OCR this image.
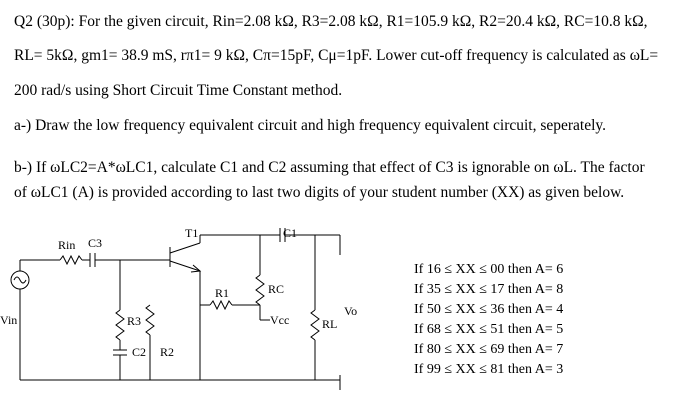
Q2 (30p): For the given circuit, Rin=2.08 kΩ, R3=2.08 kΩ, R1=105.9 kΩ, R2=20.4 kΩ, RC=10.8 kΩ,
RL= 5kΩ, gm1= 38.9 mS, rπ1= 9 kΩ, Cπ=15pF, Cμ=1pF. Lower cut-off frequency is calculated as ωL=
200 rad/s using Short Circuit Time Constant method.
a-) Draw the low frequency equivalent circuit and high frequency equivalent circuit, seperately.
b-) If ωLC2=A*ωLC1, calculate C1 and C2 assuming that effect of C3 is ignorable on ωL. The factor
of ωLC1 (A) is provided according to last two digits of your student number (XX) as given below.
Rin C3
T1	C1
RC
R3
R1
Vcc	RL
Vo
Vin
C2 R2
If 16 ≤ XX ≤ 00 then A= 6
If 35 ≤ XX ≤ 17 then A= 8
If 50 ≤ XX ≤ 36 then A= 4
If 68 ≤ XX ≤ 51 then A= 5
If 80 ≤ XX ≤ 69 then A= 7
If 99 ≤ XX ≤ 81 then A= 3
